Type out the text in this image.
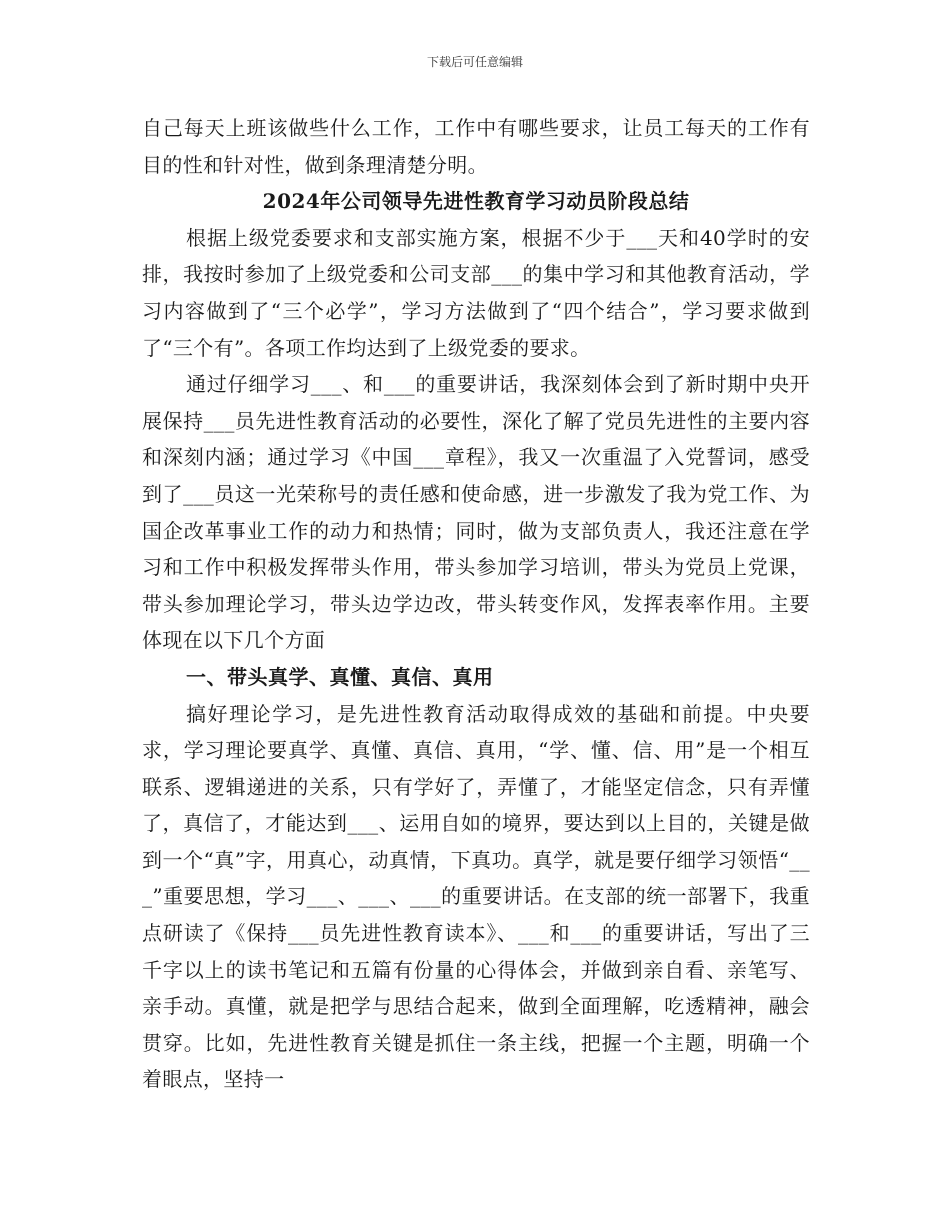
下载后可任意编辑

自己每天上班该做些什么工作，工作中有哪些要求，让员工每天的工作有目的性和针对性，做到条理清楚分明。

2024年公司领导先进性教育学习动员阶段总结

根据上级党委要求和支部实施方案，根据不少于___天和40学时的安排，我按时参加了上级党委和公司支部___的集中学习和其他教育活动，学习内容做到了“三个必学”，学习方法做到了“四个结合”，学习要求做到了“三个有”。各项工作均达到了上级党委的要求。

通过仔细学习___、和___的重要讲话，我深刻体会到了新时期中央开展保持___员先进性教育活动的必要性，深化了解了党员先进性的主要内容和深刻内涵；通过学习《中国___章程》，我又一次重温了入党誓词，感受到了___员这一光荣称号的责任感和使命感，进一步激发了我为党工作、为国企改革事业工作的动力和热情；同时，做为支部负责人，我还注意在学习和工作中积极发挥带头作用，带头参加学习培训，带头为党员上党课，带头参加理论学习，带头边学边改，带头转变作风，发挥表率作用。主要体现在以下几个方面

一、带头真学、真懂、真信、真用

搞好理论学习，是先进性教育活动取得成效的基础和前提。中央要求，学习理论要真学、真懂、真信、真用，“学、懂、信、用”是一个相互联系、逻辑递进的关系，只有学好了，弄懂了，才能坚定信念，只有弄懂了，真信了，才能达到___、运用自如的境界，要达到以上目的，关键是做到一个“真”字，用真心，动真情，下真功。真学，就是要仔细学习领悟“___”重要思想，学习___、___、___的重要讲话。在支部的统一部署下，我重点研读了《保持___员先进性教育读本》、___和___的重要讲话，写出了三千字以上的读书笔记和五篇有份量的心得体会，并做到亲自看、亲笔写、亲手动。真懂，就是把学与思结合起来，做到全面理解，吃透精神，融会贯穿。比如，先进性教育关键是抓住一条主线，把握一个主题，明确一个着眼点，坚持一
